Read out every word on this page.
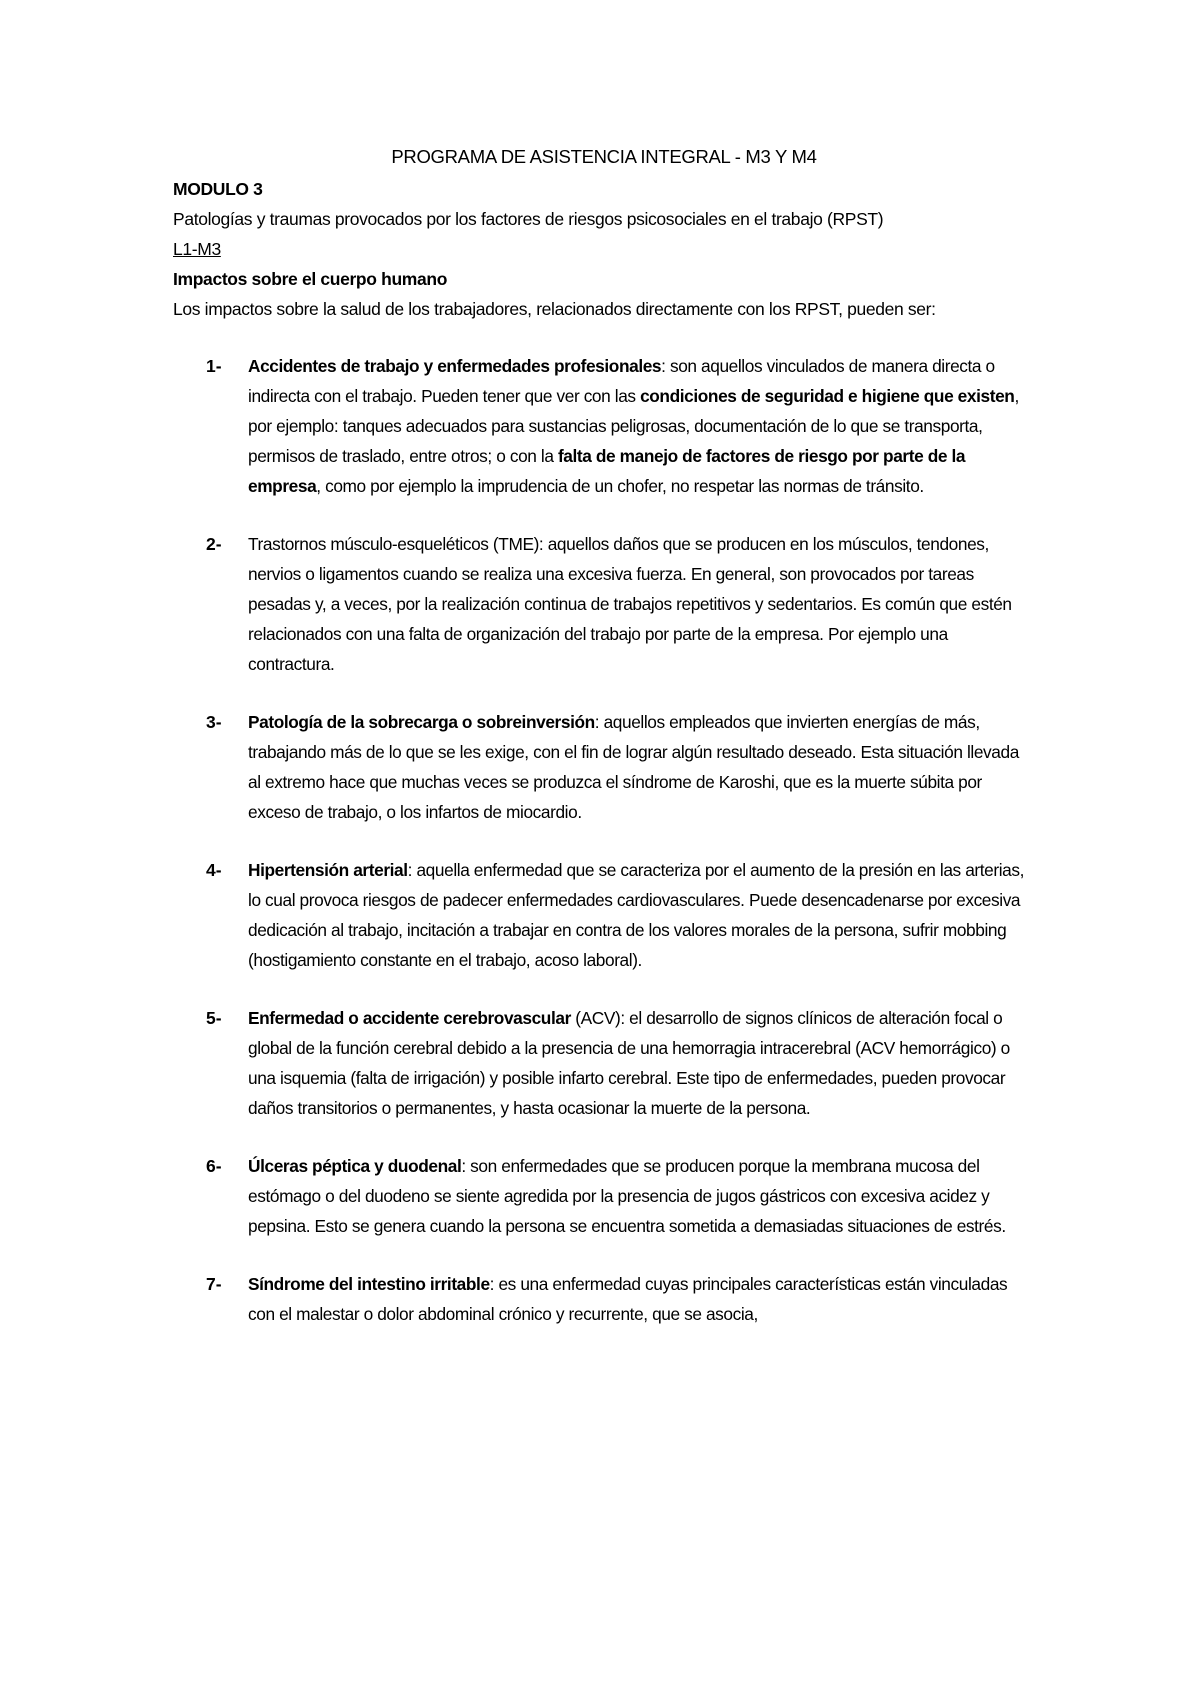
PROGRAMA DE ASISTENCIA INTEGRAL - M3 Y M4

MODULO 3

Patologías y traumas provocados por los factores de riesgos psicosociales en el trabajo (RPST)

L1-M3

Impactos sobre el cuerpo humano

Los impactos sobre la salud de los trabajadores, relacionados directamente con los RPST, pueden ser:

1- Accidentes de trabajo y enfermedades profesionales: son aquellos vinculados de manera directa o indirecta con el trabajo. Pueden tener que ver con las condiciones de seguridad e higiene que existen, por ejemplo: tanques adecuados para sustancias peligrosas, documentación de lo que se transporta, permisos de traslado, entre otros; o con la falta de manejo de factores de riesgo por parte de la empresa, como por ejemplo la imprudencia de un chofer, no respetar las normas de tránsito.

2- Trastornos músculo-esqueléticos (TME): aquellos daños que se producen en los músculos, tendones, nervios o ligamentos cuando se realiza una excesiva fuerza. En general, son provocados por tareas pesadas y, a veces, por la realización continua de trabajos repetitivos y sedentarios. Es común que estén relacionados con una falta de organización del trabajo por parte de la empresa. Por ejemplo una contractura.

3- Patología de la sobrecarga o sobreinversión: aquellos empleados que invierten energías de más, trabajando más de lo que se les exige, con el fin de lograr algún resultado deseado. Esta situación llevada al extremo hace que muchas veces se produzca el síndrome de Karoshi, que es la muerte súbita por exceso de trabajo, o los infartos de miocardio.

4- Hipertensión arterial: aquella enfermedad que se caracteriza por el aumento de la presión en las arterias, lo cual provoca riesgos de padecer enfermedades cardiovasculares. Puede desencadenarse por excesiva dedicación al trabajo, incitación a trabajar en contra de los valores morales de la persona, sufrir mobbing (hostigamiento constante en el trabajo, acoso laboral).

5- Enfermedad o accidente cerebrovascular (ACV): el desarrollo de signos clínicos de alteración focal o global de la función cerebral debido a la presencia de una hemorragia intracerebral (ACV hemorrágico) o una isquemia (falta de irrigación) y posible infarto cerebral. Este tipo de enfermedades, pueden provocar daños transitorios o permanentes, y hasta ocasionar la muerte de la persona.

6- Úlceras péptica y duodenal: son enfermedades que se producen porque la membrana mucosa del estómago o del duodeno se siente agredida por la presencia de jugos gástricos con excesiva acidez y pepsina. Esto se genera cuando la persona se encuentra sometida a demasiadas situaciones de estrés.

7- Síndrome del intestino irritable: es una enfermedad cuyas principales características están vinculadas con el malestar o dolor abdominal crónico y recurrente, que se asocia,
